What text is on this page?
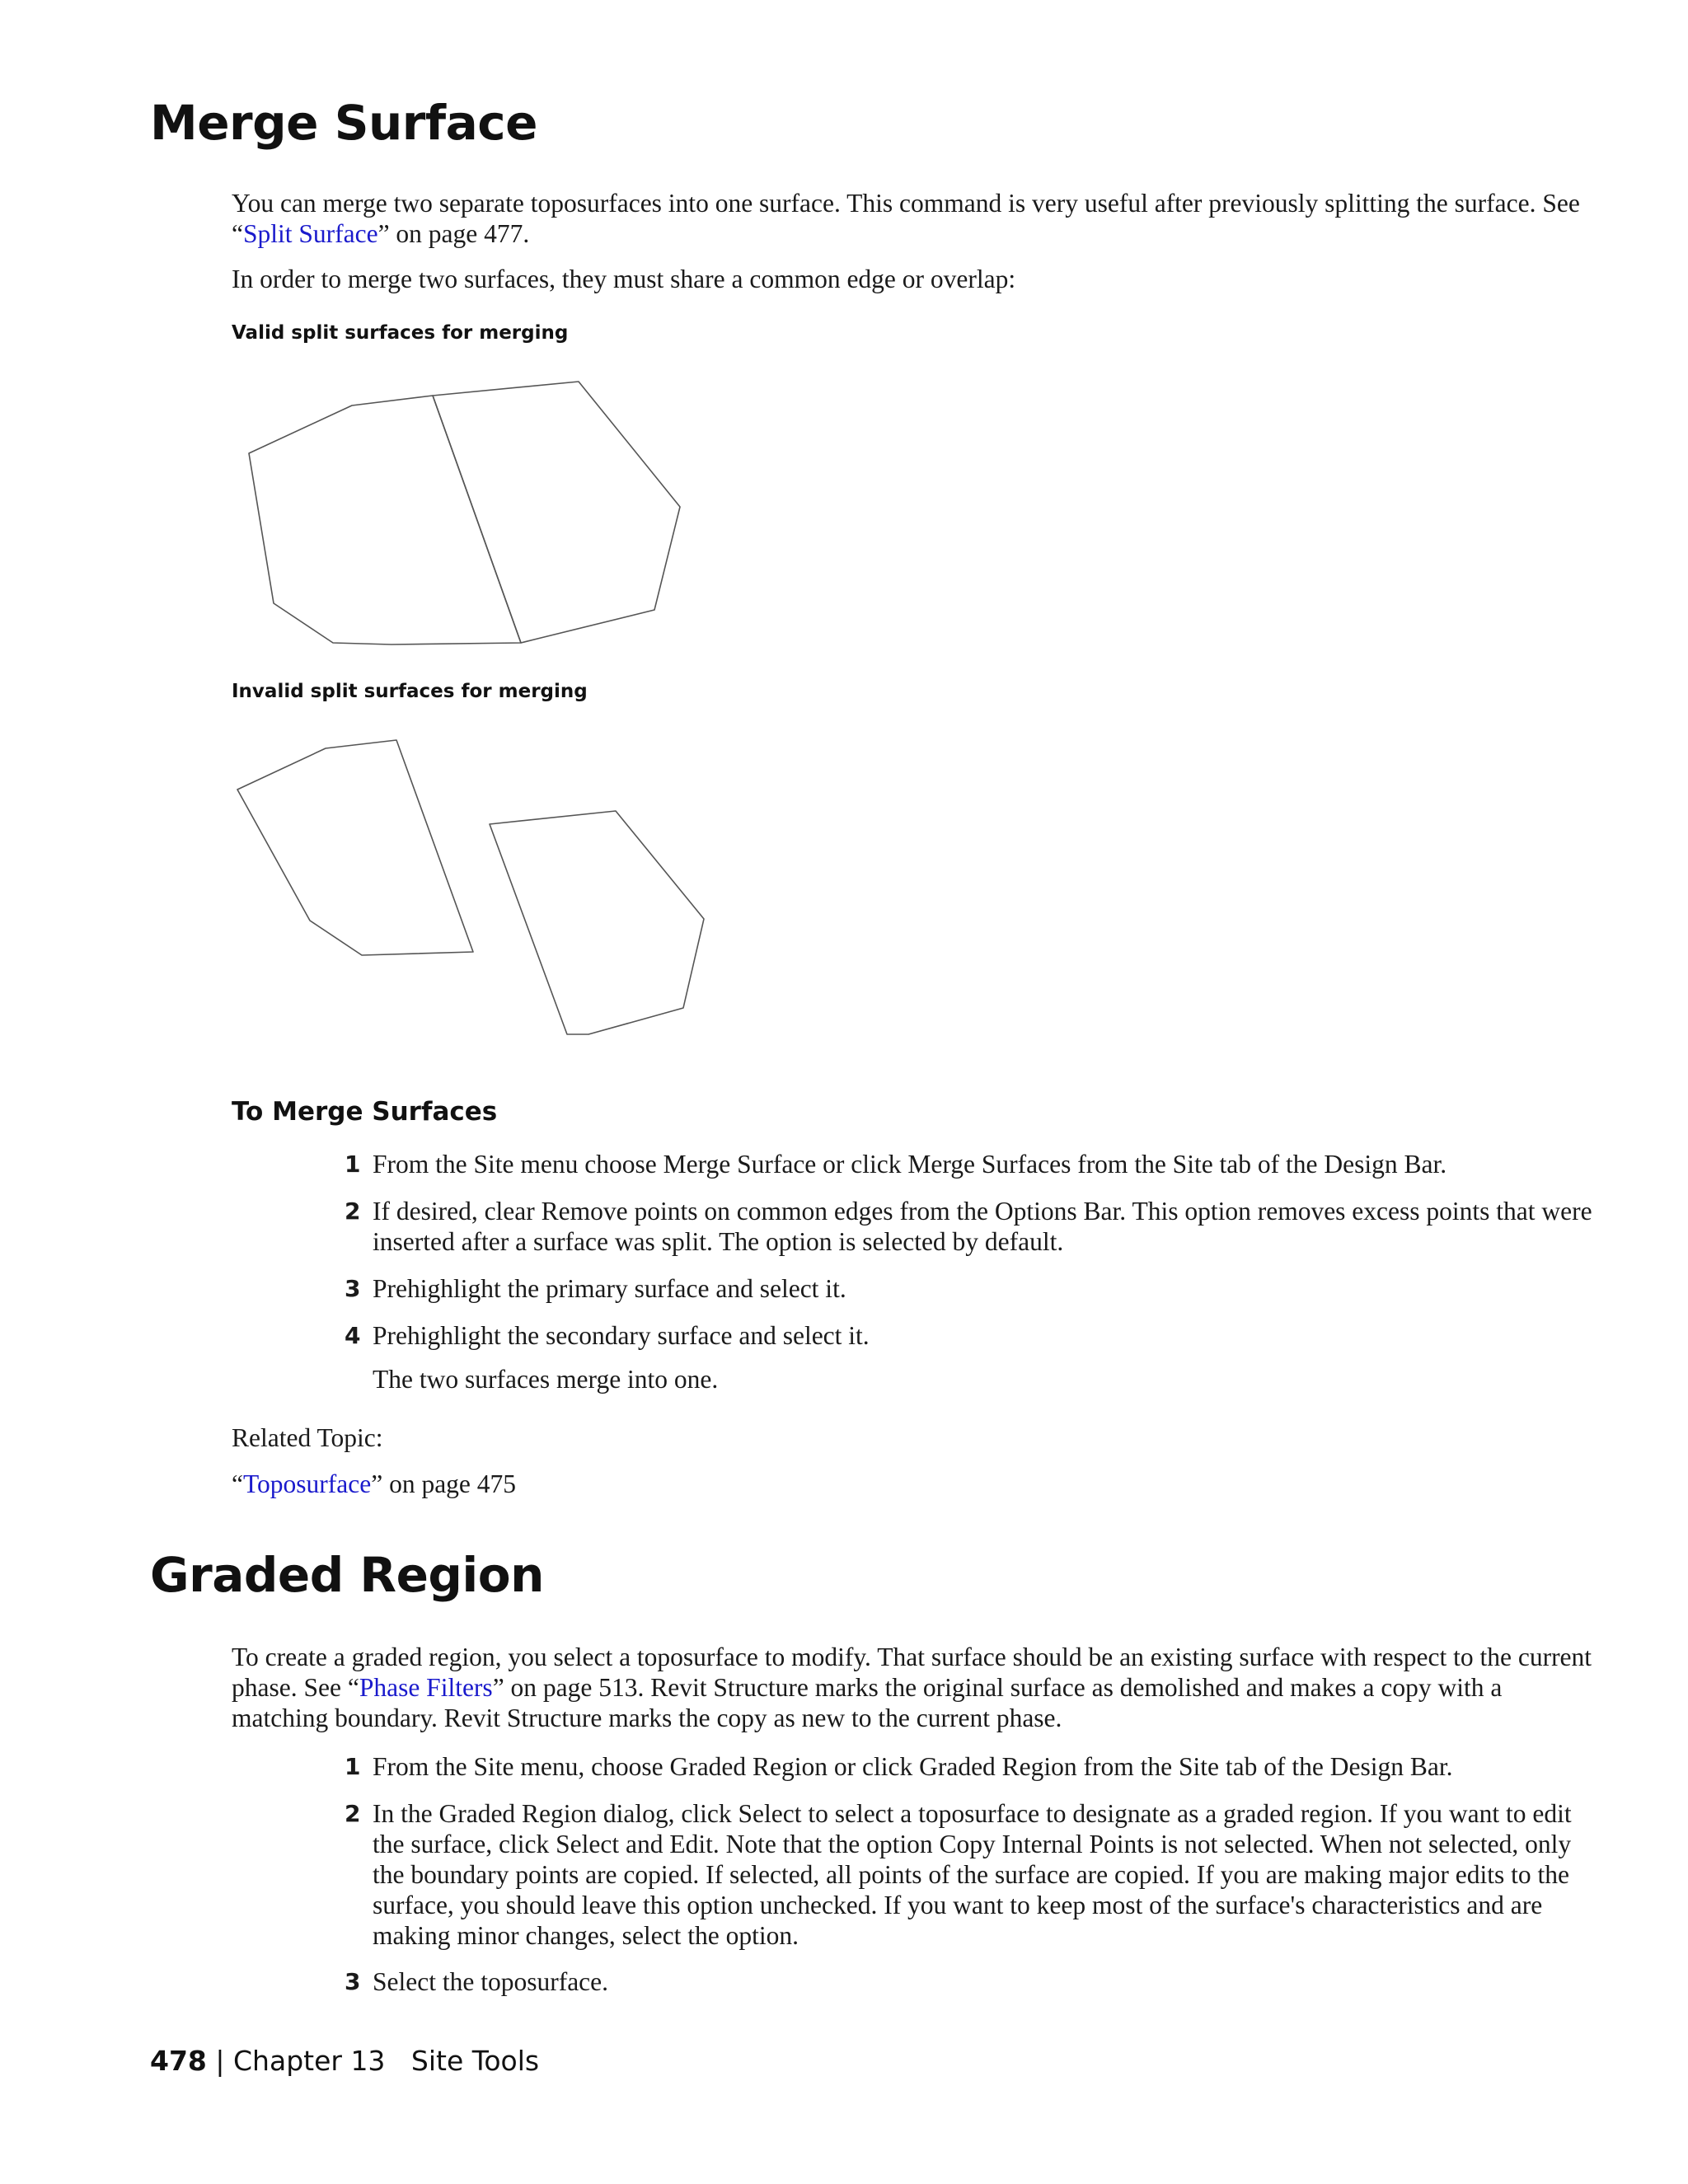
Merge Surface

You can merge two separate toposurfaces into one surface. This command is very useful after previously splitting the surface. See “Split Surface” on page 477.

In order to merge two surfaces, they must share a common edge or overlap:

Valid split surfaces for merging

Invalid split surfaces for merging

To Merge Surfaces
1 From the Site menu choose Merge Surface or click Merge Surfaces from the Site tab of the Design Bar.
2 If desired, clear Remove points on common edges from the Options Bar. This option removes excess points that were inserted after a surface was split. The option is selected by default.
3 Prehighlight the primary surface and select it.
4 Prehighlight the secondary surface and select it.
The two surfaces merge into one.

Related Topic:

“Toposurface” on page 475

Graded Region

To create a graded region, you select a toposurface to modify. That surface should be an existing surface with respect to the current phase. See “Phase Filters” on page 513. Revit Structure marks the original surface as demolished and makes a copy with a matching boundary. Revit Structure marks the copy as new to the current phase.

1 From the Site menu, choose Graded Region or click Graded Region from the Site tab of the Design Bar.
2 In the Graded Region dialog, click Select to select a toposurface to designate as a graded region. If you want to edit the surface, click Select and Edit. Note that the option Copy Internal Points is not selected. When not selected, only the boundary points are copied. If selected, all points of the surface are copied. If you are making major edits to the surface, you should leave this option unchecked. If you want to keep most of the surface's characteristics and are making minor changes, select the option.
3 Select the toposurface.
478 | Chapter 13 Site Tools
